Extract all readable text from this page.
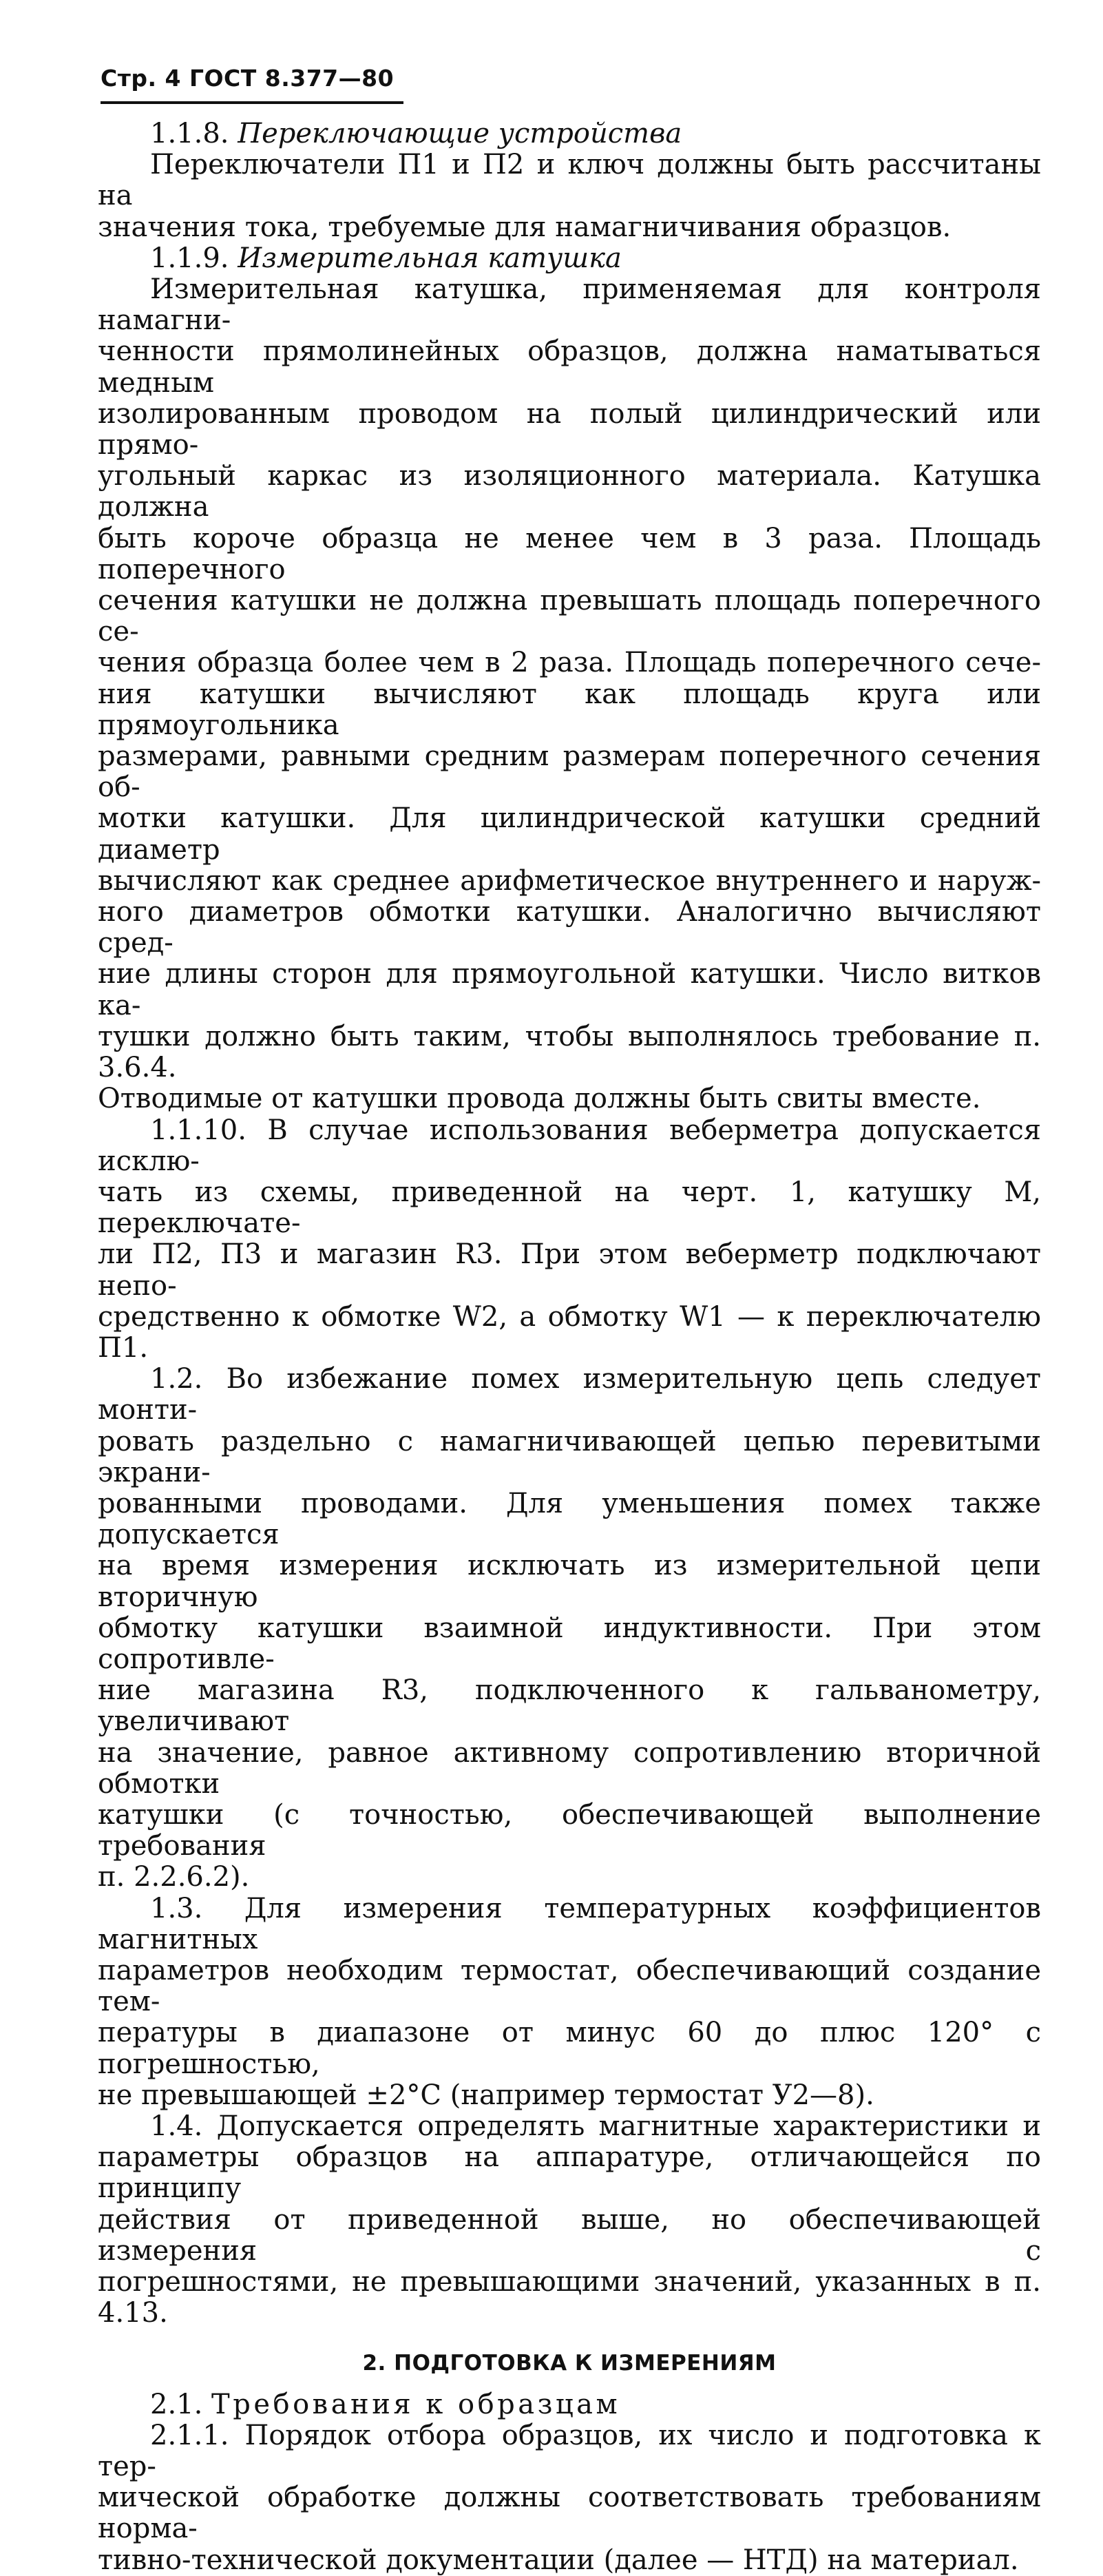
Стр. 4 ГОСТ 8.377—80

1.1.8. Переключающие устройства

Переключатели П1 и П2 и ключ должны быть рассчитаны на

значения тока, требуемые для намагничивания образцов.

1.1.9. Измерительная катушка

Измерительная катушка, применяемая для контроля намагни-

ченности прямолинейных образцов, должна наматываться медным

изолированным проводом на полый цилиндрический или прямо-

угольный каркас из изоляционного материала. Катушка должна

быть короче образца не менее чем в 3 раза. Площадь поперечного

сечения катушки не должна превышать площадь поперечного се-

чения образца более чем в 2 раза. Площадь поперечного сече-

ния катушки вычисляют как площадь круга или прямоугольника

размерами, равными средним размерам поперечного сечения об-

мотки катушки. Для цилиндрической катушки средний диаметр

вычисляют как среднее арифметическое внутреннего и наруж-

ного диаметров обмотки катушки. Аналогично вычисляют сред-

ние длины сторон для прямоугольной катушки. Число витков ка-

тушки должно быть таким, чтобы выполнялось требование п. 3.6.4.

Отводимые от катушки провода должны быть свиты вместе.

1.1.10. В случае использования веберметра допускается исклю-

чать из схемы, приведенной на черт. 1, катушку М, переключате-

ли П2, П3 и магазин R3. При этом веберметр подключают непо-

средственно к обмотке W2, а обмотку W1 — к переключателю П1.

1.2. Во избежание помех измерительную цепь следует монти-

ровать раздельно с намагничивающей цепью перевитыми экрани-

рованными проводами. Для уменьшения помех также допускается

на время измерения исключать из измерительной цепи вторичную

обмотку катушки взаимной индуктивности. При этом сопротивле-

ние магазина R3, подключенного к гальванометру, увеличивают

на значение, равное активному сопротивлению вторичной обмотки

катушки (с точностью, обеспечивающей выполнение требования

п. 2.2.6.2).

1.3. Для измерения температурных коэффициентов магнитных

параметров необходим термостат, обеспечивающий создание тем-

пературы в диапазоне от минус 60 до плюс 120° с погрешностью,

не превышающей ±2°С (например термостат У2—8).

1.4. Допускается определять магнитные характеристики и

параметры образцов на аппаратуре, отличающейся по принципу

действия от приведенной выше, но обеспечивающей измерения с

погрешностями, не превышающими значений, указанных в п. 4.13.

2. ПОДГОТОВКА К ИЗМЕРЕНИЯМ

2.1. Требования к образцам

2.1.1. Порядок отбора образцов, их число и подготовка к тер-

мической обработке должны соответствовать требованиям норма-

тивно-технической документации (далее — НТД) на материал.
